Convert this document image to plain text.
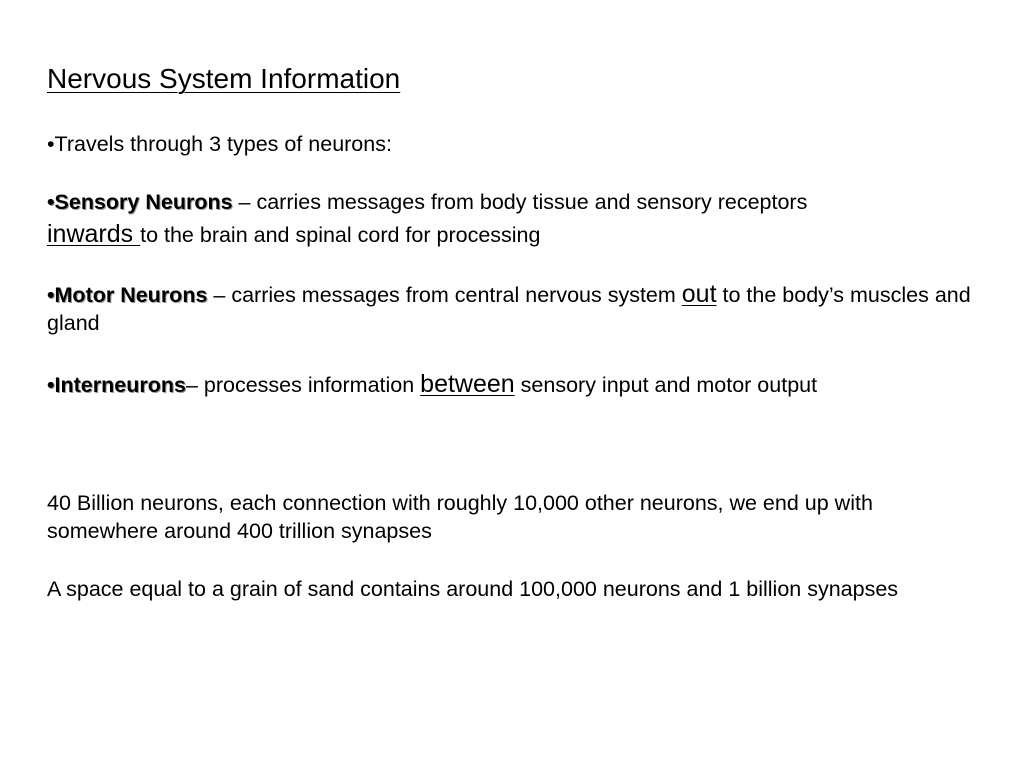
Nervous System Information
•Travels through 3 types of neurons:
•Sensory Neurons – carries messages from body tissue and sensory receptors
inwards to the brain and spinal cord for processing
•Motor Neurons – carries messages from central nervous system out to the body’s muscles and gland
•Interneurons– processes information between sensory input and motor output
40 Billion neurons, each connection with roughly 10,000 other neurons, we end up with somewhere around 400 trillion synapses
A space equal to a grain of sand contains around 100,000 neurons and 1 billion synapses
